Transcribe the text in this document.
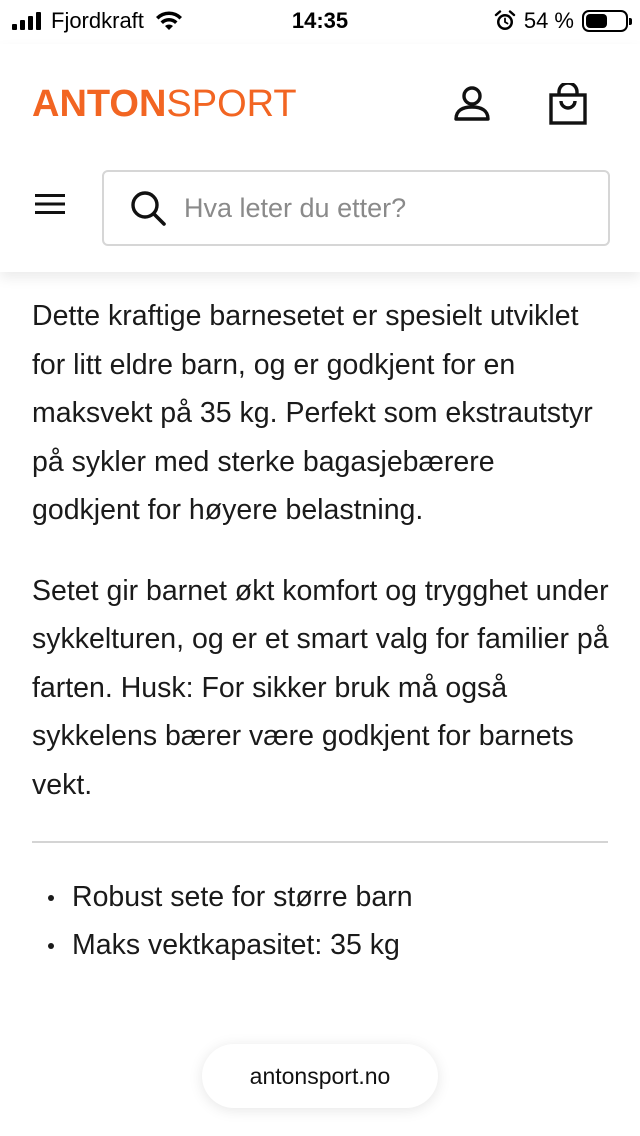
Fjordkraft	14:35	54 %
ANTONSPORT
Hva leter du etter?

Dette kraftige barnesetet er spesielt utviklet for litt eldre barn, og er godkjent for en maksvekt på 35 kg. Perfekt som ekstrautstyr på sykler med sterke bagasjebærere godkjent for høyere belastning.

Setet gir barnet økt komfort og trygghet under sykkelturen, og er et smart valg for familier på farten. Husk: For sikker bruk må også sykkelens bærer være godkjent for barnets vekt.

Robust sete for større barn
Maks vektkapasitet: 35 kg
antonsport.no
